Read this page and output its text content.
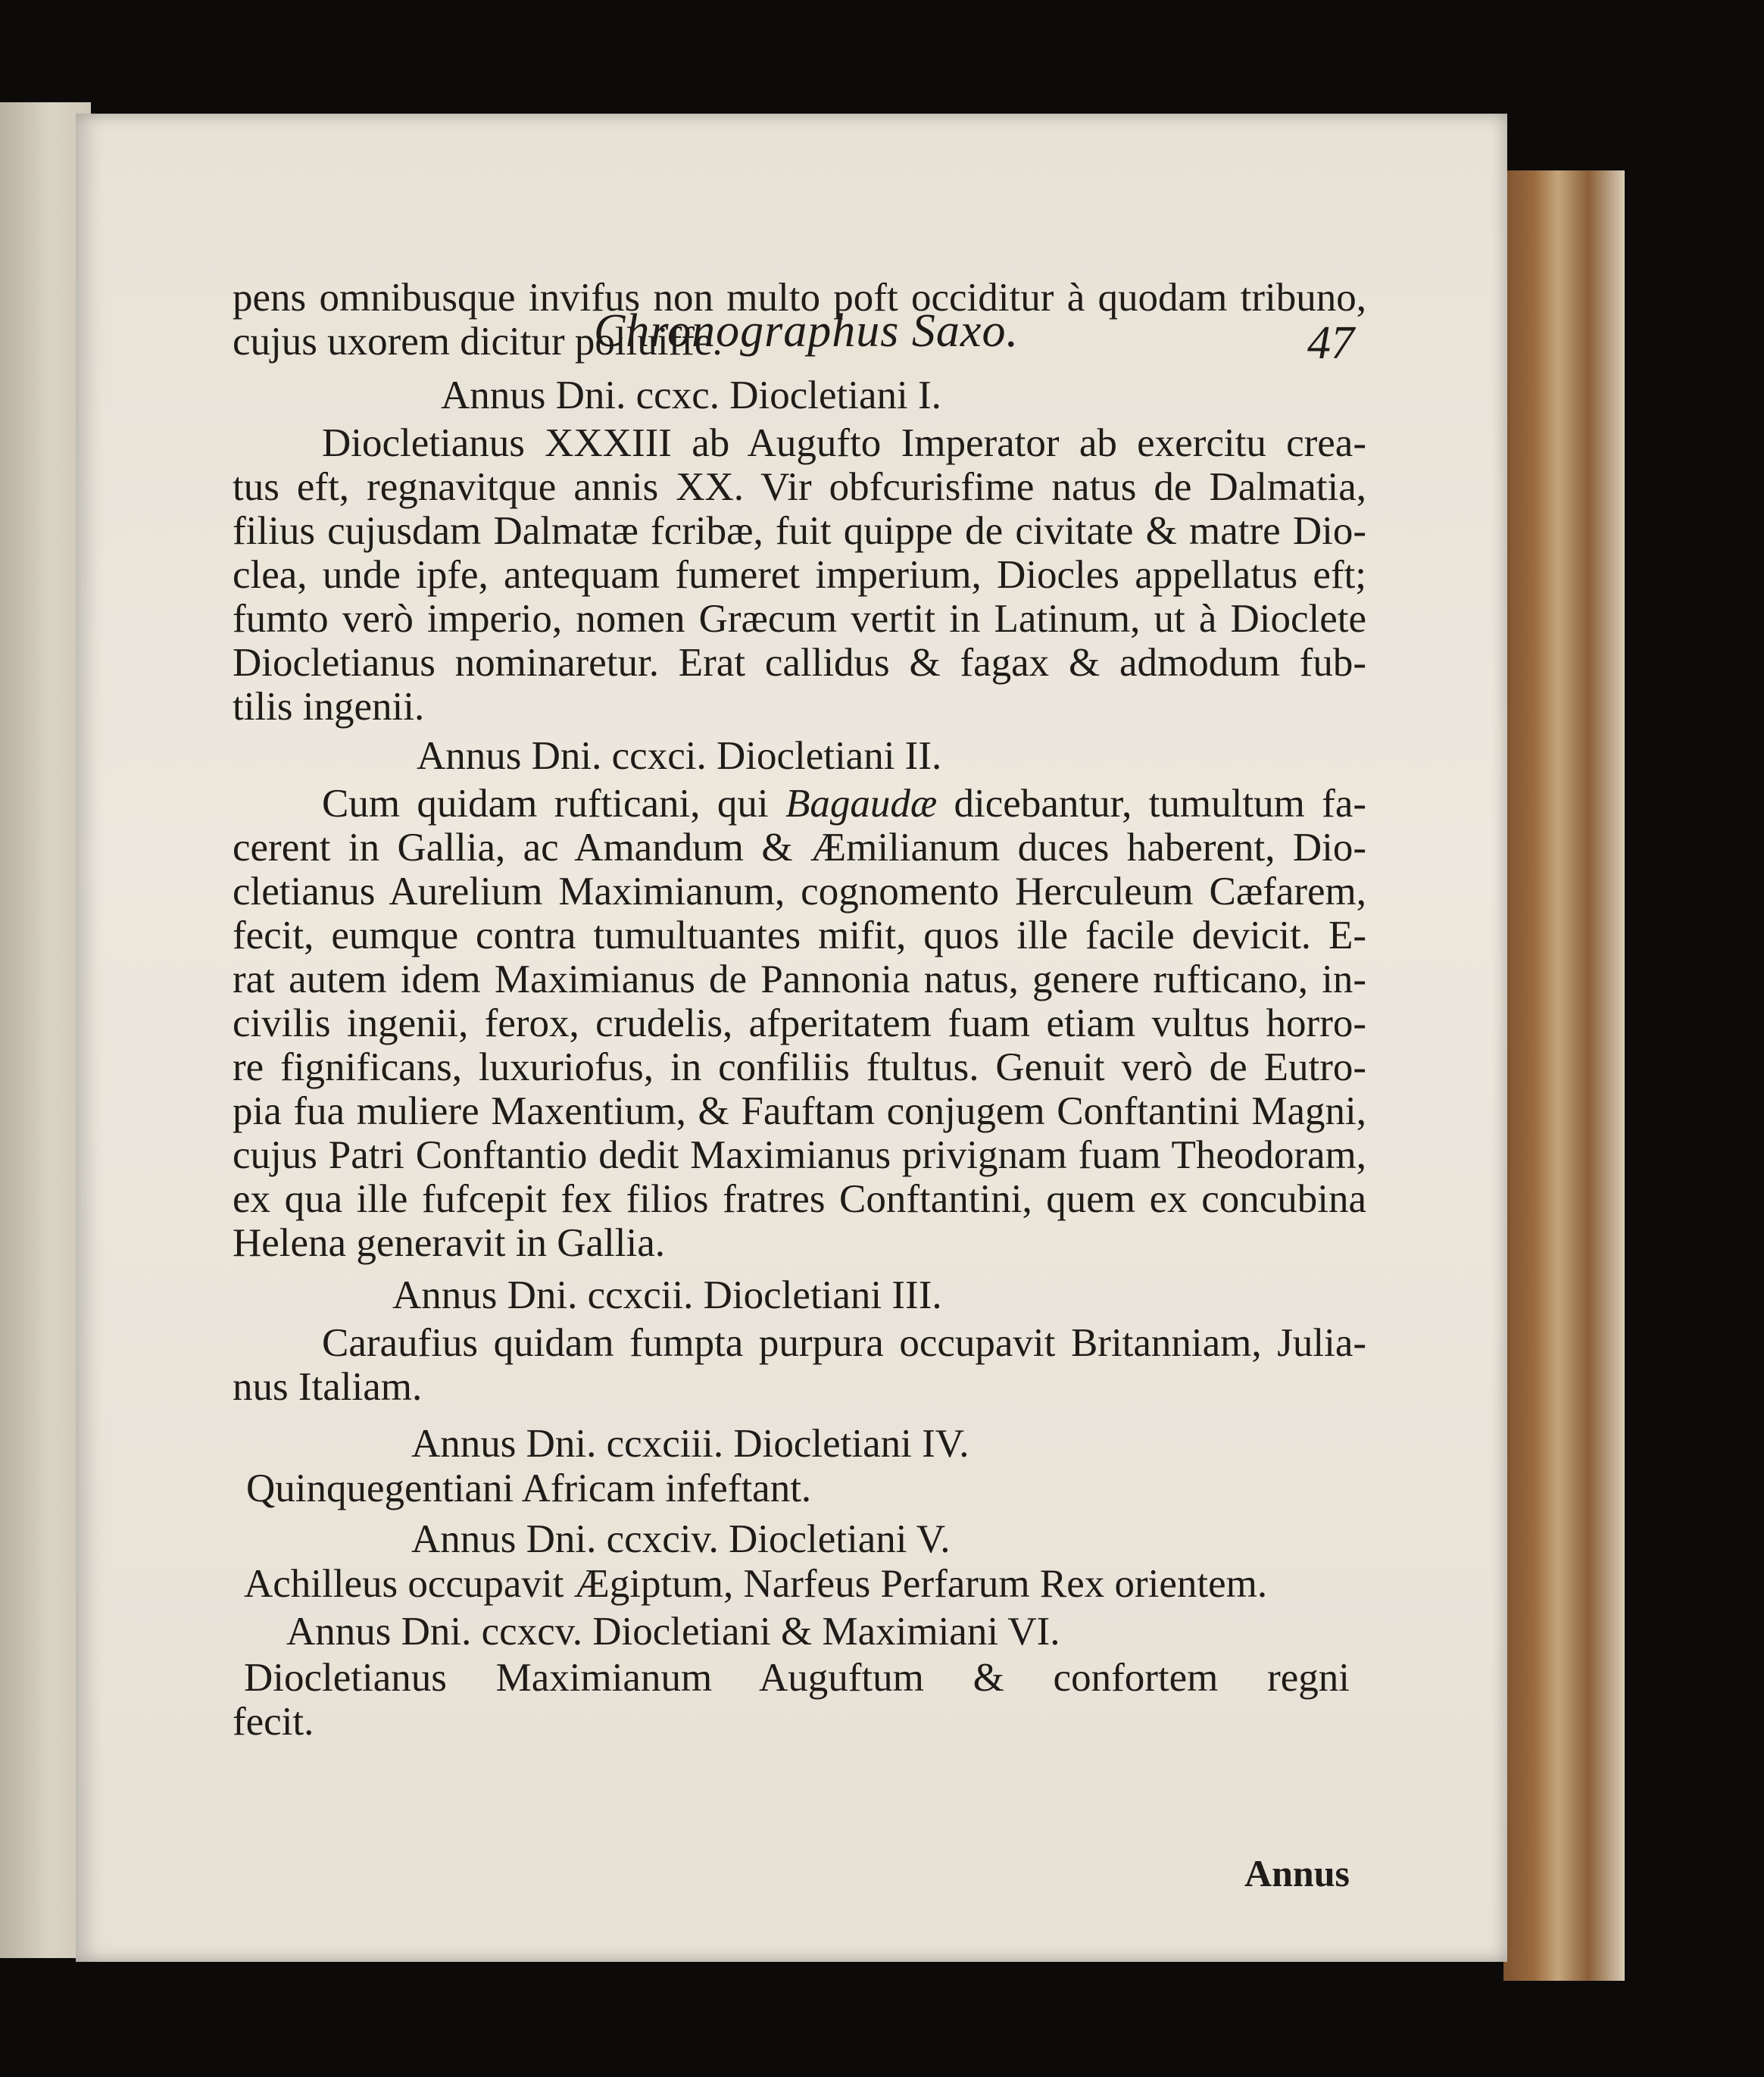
Chronographus Saxo.	47
pens omnibusque invifus non multo poft occiditur à quodam tribuno,
cujus uxorem dicitur polluiffe.
Annus Dni. ccxc. Diocletiani I.
Diocletianus XXXIII ab Augufto Imperator ab exercitu crea-
tus eft, regnavitque annis XX. Vir obfcurisfime natus de Dalmatia,
filius cujusdam Dalmatæ fcribæ, fuit quippe de civitate & matre Dio-
clea, unde ipfe, antequam fumeret imperium, Diocles appellatus eft;
fumto verò imperio, nomen Græcum vertit in Latinum, ut à Dioclete
Diocletianus nominaretur. Erat callidus & fagax & admodum fub-
tilis ingenii.
Annus Dni. ccxci. Diocletiani II.
Cum quidam rufticani, qui Bagaudæ dicebantur, tumultum fa-
cerent in Gallia, ac Amandum & Æmilianum duces haberent, Dio-
cletianus Aurelium Maximianum, cognomento Herculeum Cæfarem,
fecit, eumque contra tumultuantes mifit, quos ille facile devicit. E-
rat autem idem Maximianus de Pannonia natus, genere rufticano, in-
civilis ingenii, ferox, crudelis, afperitatem fuam etiam vultus horro-
re fignificans, luxuriofus, in confiliis ftultus. Genuit verò de Eutro-
pia fua muliere Maxentium, & Fauftam conjugem Conftantini Magni,
cujus Patri Conftantio dedit Maximianus privignam fuam Theodoram,
ex qua ille fufcepit fex filios fratres Conftantini, quem ex concubina
Helena generavit in Gallia.
Annus Dni. ccxcii. Diocletiani III.
Caraufius quidam fumpta purpura occupavit Britanniam, Julia-
nus Italiam.
Annus Dni. ccxciii. Diocletiani IV.
Quinquegentiani Africam infeftant.
Annus Dni. ccxciv. Diocletiani V.
Achilleus occupavit Ægiptum, Narfeus Perfarum Rex orientem.
Annus Dni. ccxcv. Diocletiani & Maximiani VI.
Diocletianus Maximianum Auguftum & confortem regni
fecit.
Annus
